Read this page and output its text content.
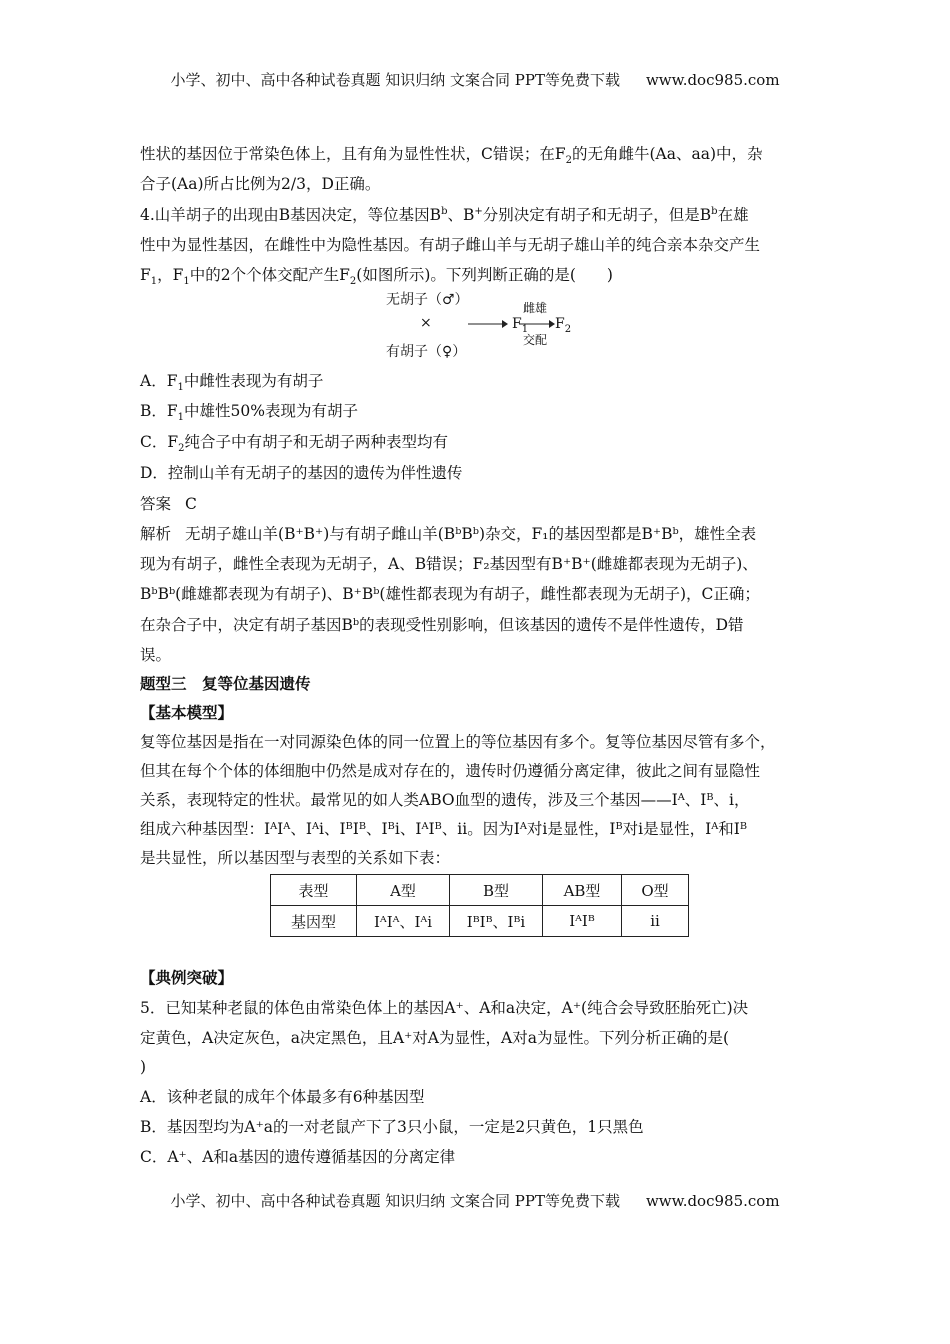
小学、初中、高中各种试卷真题 知识归纳 文案合同 PPT等免费下载 www.doc985.com
性状的基因位于常染色体上，且有角为显性性状，C错误；在$F_2$的无角雌牛(Aa、aa)中，杂
合子(Aa)所占比例为2/3，D正确。
4.山羊胡子的出现由B基因决定，等位基因$B^b$、B+分别决定有胡子和无胡子，但是$B^b$在雄
性中为显性基因，在雌性中为隐性基因。有胡子雌山羊与无胡子雄山羊的纯合亲本杂交产生
$F_1$，$F_1$中的2个个体交配产生$F_2$(如图所示)。下列判断正确的是(　　)
无胡子（♂）
×
有胡子（♀）
$F_1$
雌雄
交配
$F_2$
A．$F_1$中雌性表现为有胡子
B．$F_1$中雄性50%表现为有胡子
C．$F_2$纯合子中有胡子和无胡子两种表型均有
D．控制山羊有无胡子的基因的遗传为伴性遗传
答案 C
解析 无胡子雄山羊(B⁺B⁺)与有胡子雌山羊(BᵇBᵇ)杂交，F₁的基因型都是B⁺Bᵇ，雄性全表
现为有胡子，雌性全表现为无胡子，A、B错误；F₂基因型有B⁺B⁺(雌雄都表现为无胡子)、
BᵇBᵇ(雌雄都表现为有胡子)、B⁺Bᵇ(雄性都表现为有胡子，雌性都表现为无胡子)，C正确；
在杂合子中，决定有胡子基因Bᵇ的表现受性别影响，但该基因的遗传不是伴性遗传，D错
误。
题型三　复等位基因遗传
【基本模型】
复等位基因是指在一对同源染色体的同一位置上的等位基因有多个。复等位基因尽管有多个，
但其在每个个体的体细胞中仍然是成对存在的，遗传时仍遵循分离定律，彼此之间有显隐性
关系，表现特定的性状。最常见的如人类ABO血型的遗传，涉及三个基因——Iᴬ、Iᴮ、i，
组成六种基因型：IᴬIᴬ、Iᴬi、IᴮIᴮ、Iᴮi、IᴬIᴮ、ii。因为Iᴬ对i是显性，Iᴮ对i是显性，Iᴬ和Iᴮ
是共显性，所以基因型与表型的关系如下表：
表型	A型	B型	AB型	O型
基因型	IᴬIᴬ、Iᴬi	IᴮIᴮ、Iᴮi	IᴬIᴮ	ii
【典例突破】
5．已知某种老鼠的体色由常染色体上的基因A⁺、A和a决定，A⁺(纯合会导致胚胎死亡)决
定黄色，A决定灰色，a决定黑色，且A⁺对A为显性，A对a为显性。下列分析正确的是(
)
A．该种老鼠的成年个体最多有6种基因型
B．基因型均为A⁺a的一对老鼠产下了3只小鼠，一定是2只黄色，1只黑色
C．A⁺、A和a基因的遗传遵循基因的分离定律
小学、初中、高中各种试卷真题 知识归纳 文案合同 PPT等免费下载 www.doc985.com
